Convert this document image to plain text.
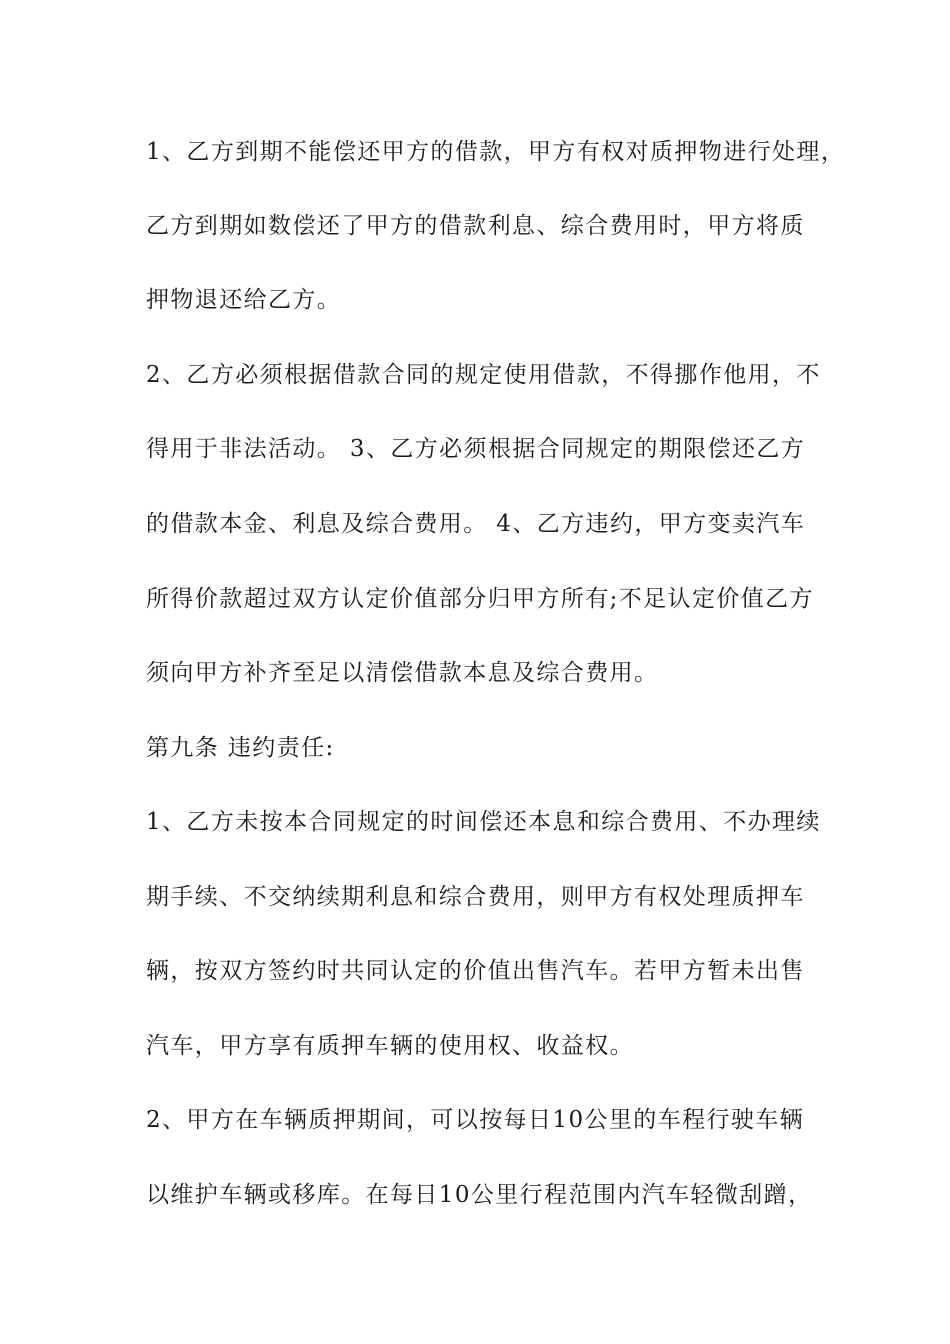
1、乙方到期不能偿还甲方的借款，甲方有权对质押物进行处理，
乙方到期如数偿还了甲方的借款利息、综合费用时，甲方将质
押物退还给乙方。
2、乙方必须根据借款合同的规定使用借款，不得挪作他用，不
得用于非法活动。 3、乙方必须根据合同规定的期限偿还乙方
的借款本金、利息及综合费用。 4、乙方违约，甲方变卖汽车
所得价款超过双方认定价值部分归甲方所有;不足认定价值乙方
须向甲方补齐至足以清偿借款本息及综合费用。
第九条 违约责任:
1、乙方未按本合同规定的时间偿还本息和综合费用、不办理续
期手续、不交纳续期利息和综合费用，则甲方有权处理质押车
辆，按双方签约时共同认定的价值出售汽车。若甲方暂未出售
汽车，甲方享有质押车辆的使用权、收益权。
2、甲方在车辆质押期间，可以按每日10公里的车程行驶车辆
以维护车辆或移库。在每日10公里行程范围内汽车轻微刮蹭，
